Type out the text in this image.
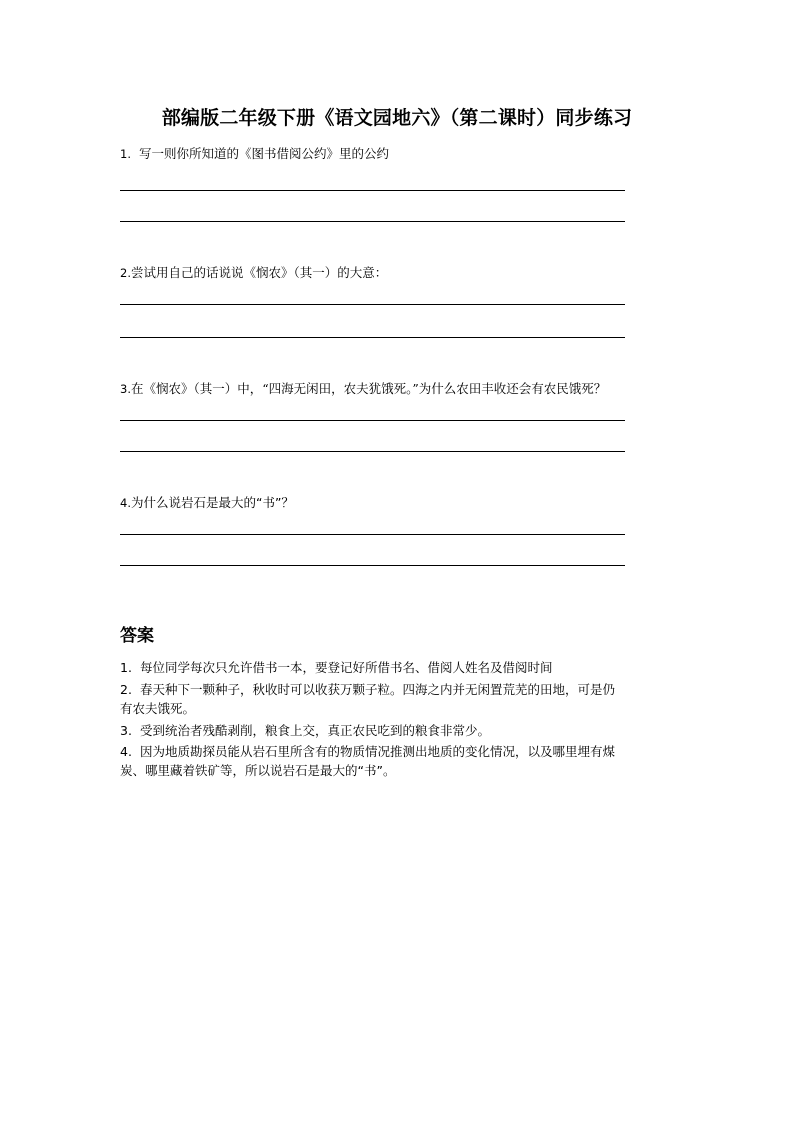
部编版二年级下册《语文园地六》（第二课时）同步练习
1. 写一则你所知道的《图书借阅公约》里的公约
2.尝试用自己的话说说《悯农》（其一）的大意：
3.在《悯农》（其一）中，“四海无闲田，农夫犹饿死。”为什么农田丰收还会有农民饿死？
4.为什么说岩石是最大的“书”？
答案
1. 每位同学每次只允许借书一本，要登记好所借书名、借阅人姓名及借阅时间
2. 春天种下一颗种子，秋收时可以收获万颗子粒。四海之内并无闲置荒芜的田地，可是仍
有农夫饿死。
3. 受到统治者残酷剥削，粮食上交，真正农民吃到的粮食非常少。
4. 因为地质勘探员能从岩石里所含有的物质情况推测出地质的变化情况，以及哪里埋有煤
炭、哪里藏着铁矿等，所以说岩石是最大的“书”。
